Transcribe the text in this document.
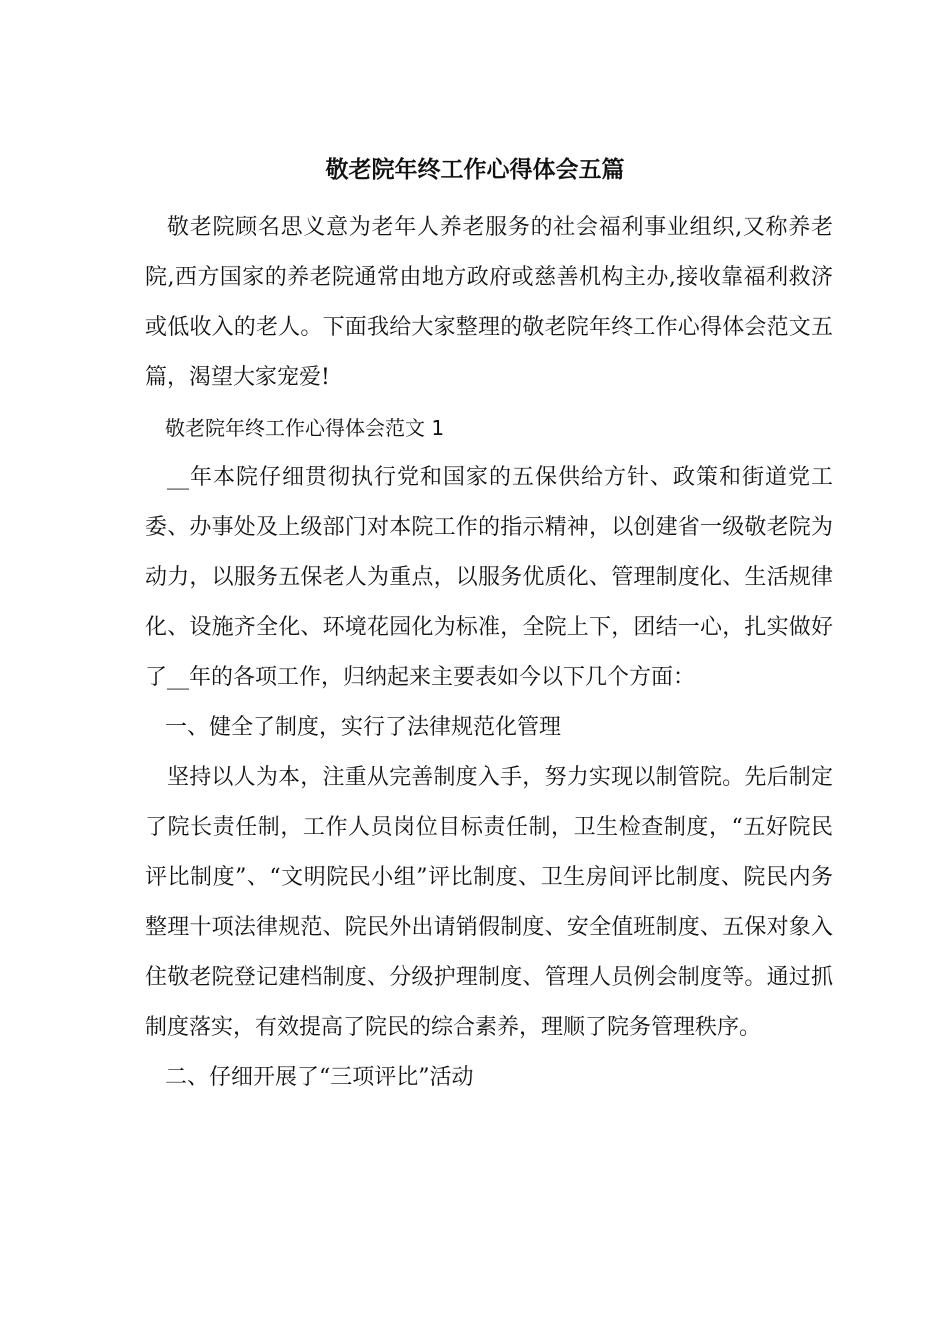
敬老院年终工作心得体会五篇

敬老院顾名思义意为老年人养老服务的社会福利事业组织,又称养老院,西方国家的养老院通常由地方政府或慈善机构主办,接收靠福利救济或低收入的老人。下面我给大家整理的敬老院年终工作心得体会范文五篇，渴望大家宠爱!

敬老院年终工作心得体会范文 1

__年本院仔细贯彻执行党和国家的五保供给方针、政策和街道党工委、办事处及上级部门对本院工作的指示精神，以创建省一级敬老院为动力，以服务五保老人为重点，以服务优质化、管理制度化、生活规律化、设施齐全化、环境花园化为标准，全院上下，团结一心，扎实做好了__年的各项工作，归纳起来主要表如今以下几个方面：

一、健全了制度，实行了法律规范化管理

坚持以人为本，注重从完善制度入手，努力实现以制管院。先后制定了院长责任制，工作人员岗位目标责任制，卫生检查制度，“五好院民评比制度”、“文明院民小组”评比制度、卫生房间评比制度、院民内务整理十项法律规范、院民外出请销假制度、安全值班制度、五保对象入住敬老院登记建档制度、分级护理制度、管理人员例会制度等。通过抓制度落实，有效提高了院民的综合素养，理顺了院务管理秩序。

二、仔细开展了“三项评比”活动
